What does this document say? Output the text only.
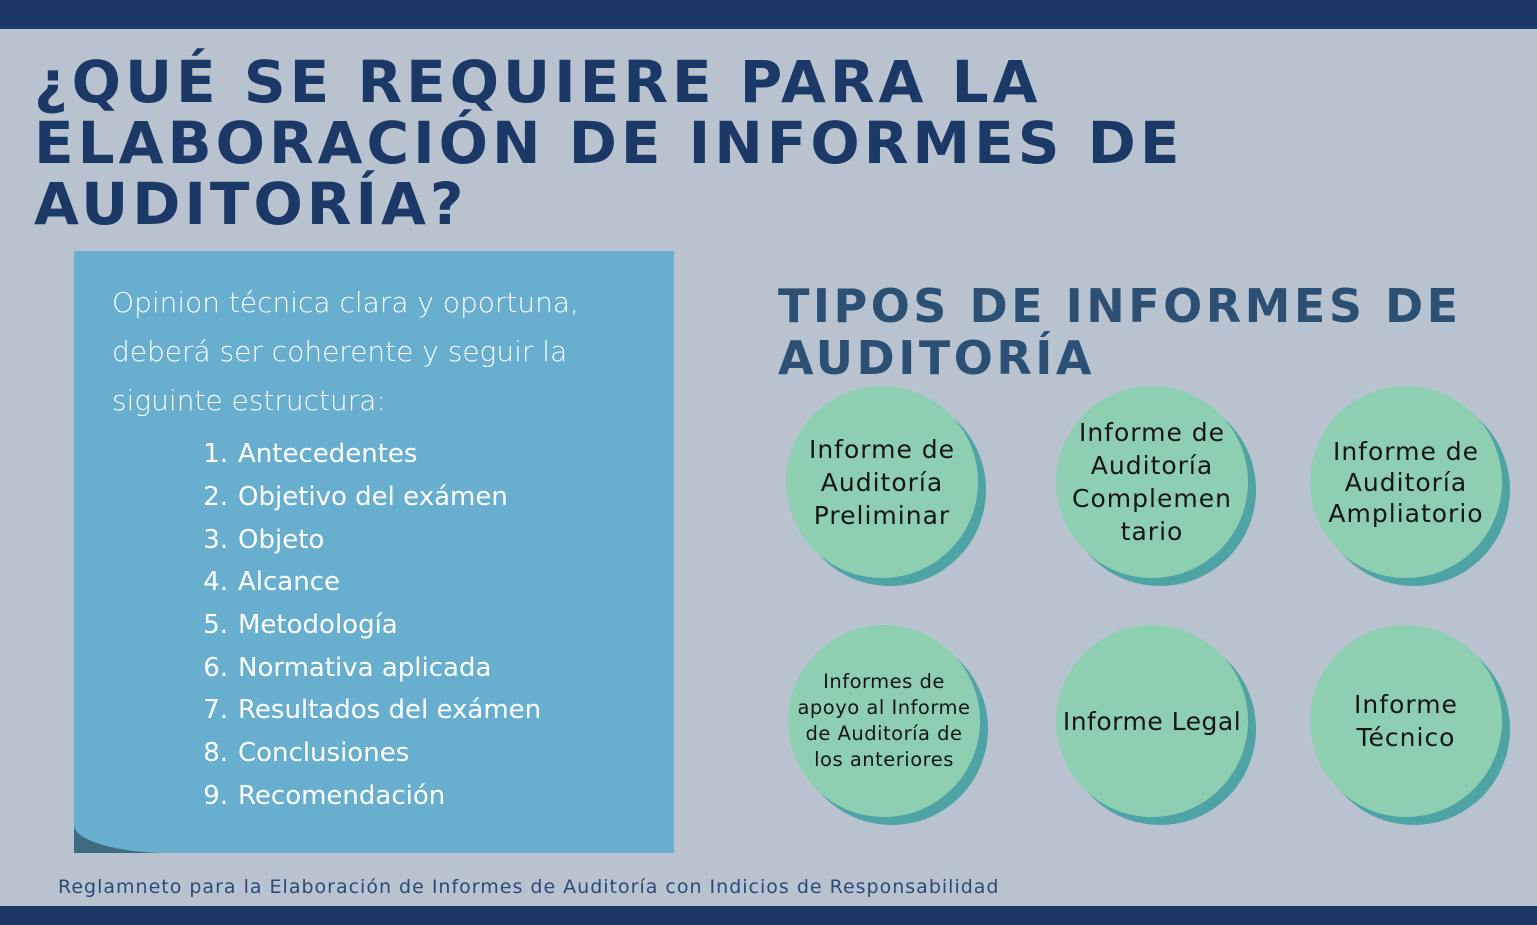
¿QUÉ SE REQUIERE PARA LA
ELABORACIÓN DE INFORMES DE
AUDITORÍA?
Opinion técnica clara y oportuna, deberá ser coherente y seguir la siguinte estructura:
1. Antecedentes
2. Objetivo del exámen
3. Objeto
4. Alcance
5. Metodología
6. Normativa aplicada
7. Resultados del exámen
8. Conclusiones
9. Recomendación
TIPOS DE INFORMES DE
AUDITORÍA
Informe de Auditoría Preliminar
Informe de Auditoría Complemen tario
Informe de Auditoría Ampliatorio
Informes de apoyo al Informe de Auditoría de los anteriores
Informe Legal
Informe Técnico
Reglamneto para la Elaboración de Informes de Auditoría con Indicios de Responsabilidad
